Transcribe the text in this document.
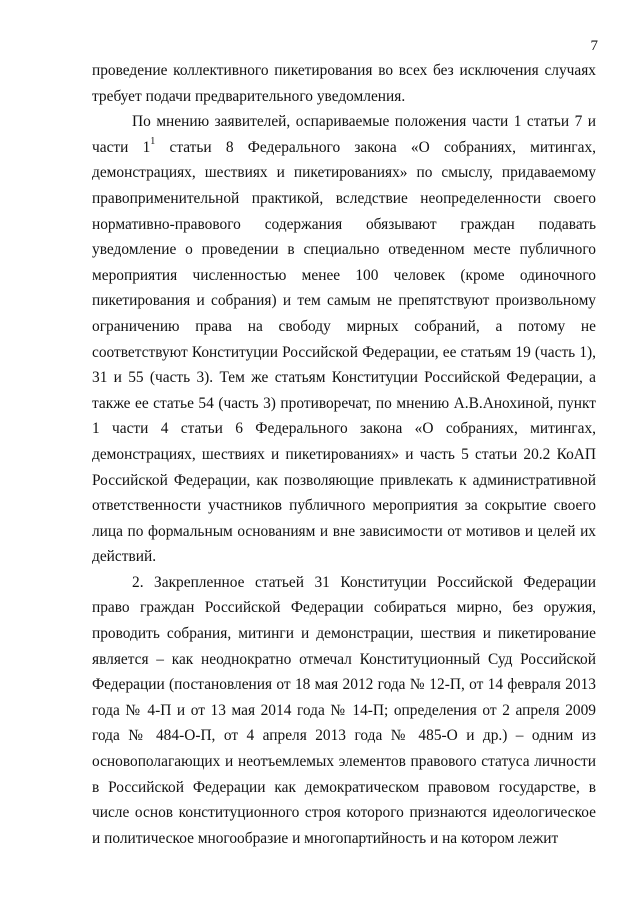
7

проведение коллективного пикетирования во всех без исключения случаях требует подачи предварительного уведомления.

По мнению заявителей, оспариваемые положения части 1 статьи 7 и части $1^1$ статьи 8 Федерального закона «О собраниях, митингах, демонстрациях, шествиях и пикетированиях» по смыслу, придаваемому правоприменительной практикой, вследствие неопределенности своего нормативно-правового содержания обязывают граждан подавать уведомление о проведении в специально отведенном месте публичного мероприятия численностью менее 100 человек (кроме одиночного пикетирования и собрания) и тем самым не препятствуют произвольному ограничению права на свободу мирных собраний, а потому не соответствуют Конституции Российской Федерации, ее статьям 19 (часть 1), 31 и 55 (часть 3). Тем же статьям Конституции Российской Федерации, а также ее статье 54 (часть 3) противоречат, по мнению А.В.Анохиной, пункт 1 части 4 статьи 6 Федерального закона «О собраниях, митингах, демонстрациях, шествиях и пикетированиях» и часть 5 статьи 20.2 КоАП Российской Федерации, как позволяющие привлекать к административной ответственности участников публичного мероприятия за сокрытие своего лица по формальным основаниям и вне зависимости от мотивов и целей их действий.

2. Закрепленное статьей 31 Конституции Российской Федерации право граждан Российской Федерации собираться мирно, без оружия, проводить собрания, митинги и демонстрации, шествия и пикетирование является – как неоднократно отмечал Конституционный Суд Российской Федерации (постановления от 18 мая 2012 года № 12-П, от 14 февраля 2013 года № 4-П и от 13 мая 2014 года № 14-П; определения от 2 апреля 2009 года № 484-О-П, от 4 апреля 2013 года № 485-О и др.) – одним из основополагающих и неотъемлемых элементов правового статуса личности в Российской Федерации как демократическом правовом государстве, в числе основ конституционного строя которого признаются идеологическое и политическое многообразие и многопартийность и на котором лежит
